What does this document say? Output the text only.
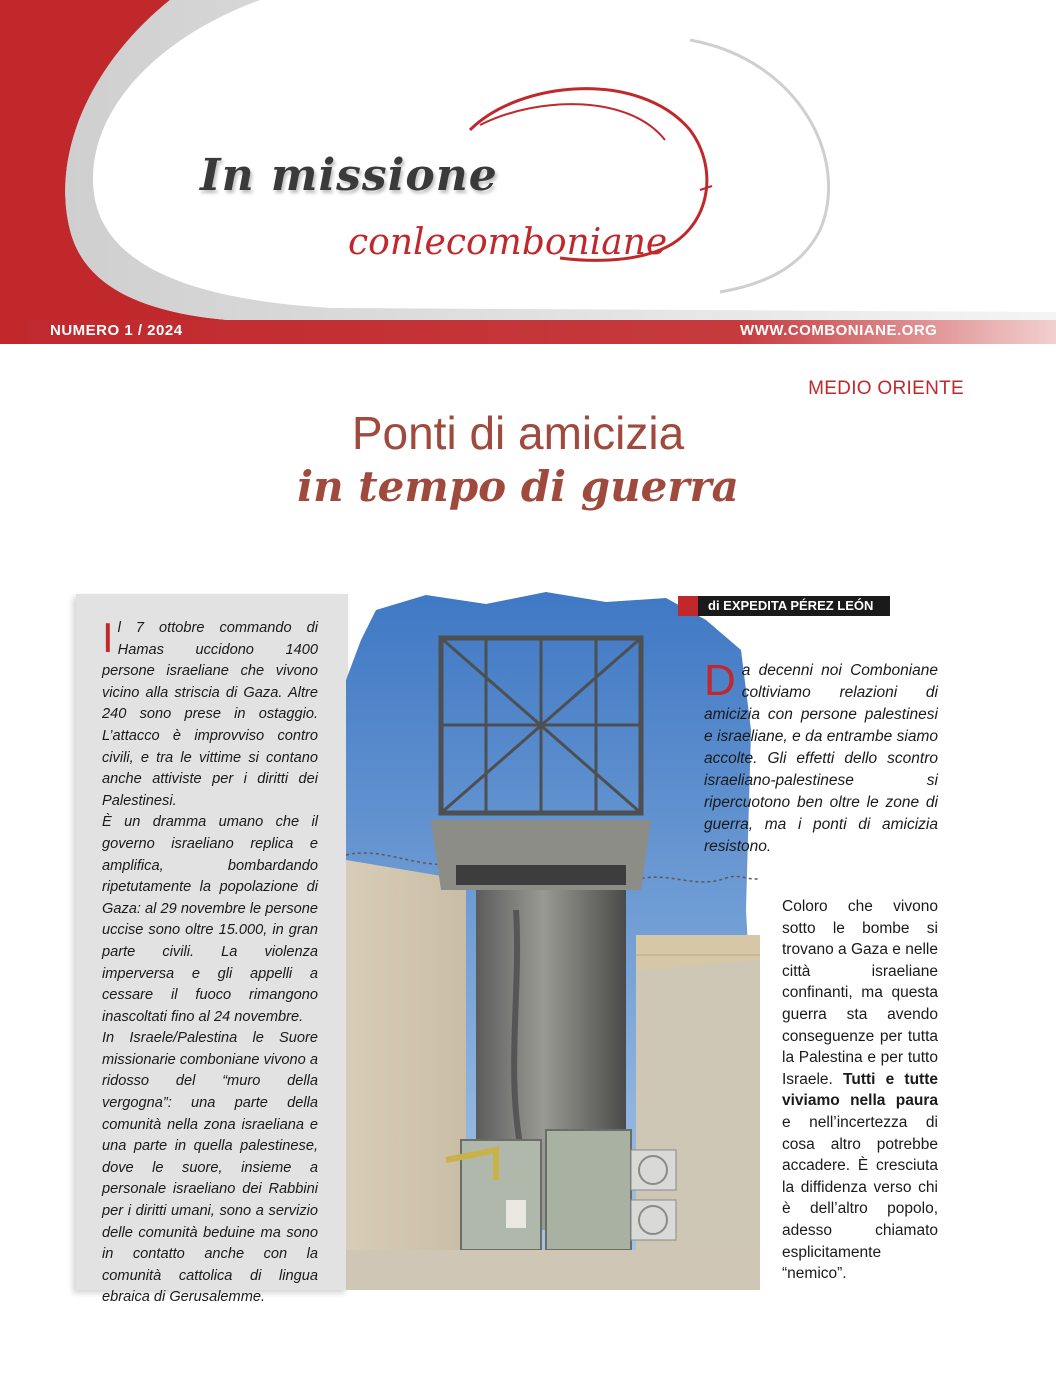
In missione

conlecomboniane

NUMERO 1 / 2024	WWW.COMBONIANE.ORG
MEDIO ORIENTE
Ponti di amicizia
in tempo di guerra

Il 7 ottobre commando di Hamas uccidono 1400 persone israeliane che vivono vicino alla striscia di Gaza. Altre 240 sono prese in ostaggio. L’attacco è improvviso contro civili, e tra le vittime si contano anche attiviste per i diritti dei Palestinesi.

È un dramma umano che il governo israeliano replica e amplifica, bombardando ripetutamente la popolazione di Gaza: al 29 novembre le persone uccise sono oltre 15.000, in gran parte civili. La violenza imperversa e gli appelli a cessare il fuoco rimangono inascoltati fino al 24 novembre.

In Israele/Palestina le Suore missionarie comboniane vivono a ridosso del “muro della vergogna”: una parte della comunità nella zona israeliana e una parte in quella palestinese, dove le suore, insieme a personale israeliano dei Rabbini per i diritti umani, sono a servizio delle comunità beduine ma sono in contatto anche con la comunità cattolica di lingua ebraica di Gerusalemme.

di EXPEDITA PÉREZ LEÓN

Da decenni noi Comboniane coltiviamo relazioni di amicizia con persone palestinesi e israeliane, e da entrambe siamo accolte. Gli effetti dello scontro israeliano-palestinese si ripercuotono ben oltre le zone di guerra, ma i ponti di amicizia resistono.

Coloro che vivono sotto le bombe si trovano a Gaza e nelle città israeliane confinanti, ma questa guerra sta avendo conseguenze per tutta la Palestina e per tutto Israele. Tutti e tutte viviamo nella paura e nell’incertezza di cosa altro potrebbe accadere. È cresciuta la diffidenza verso chi è dell’altro popolo, adesso chiamato esplicitamente “nemico”.
